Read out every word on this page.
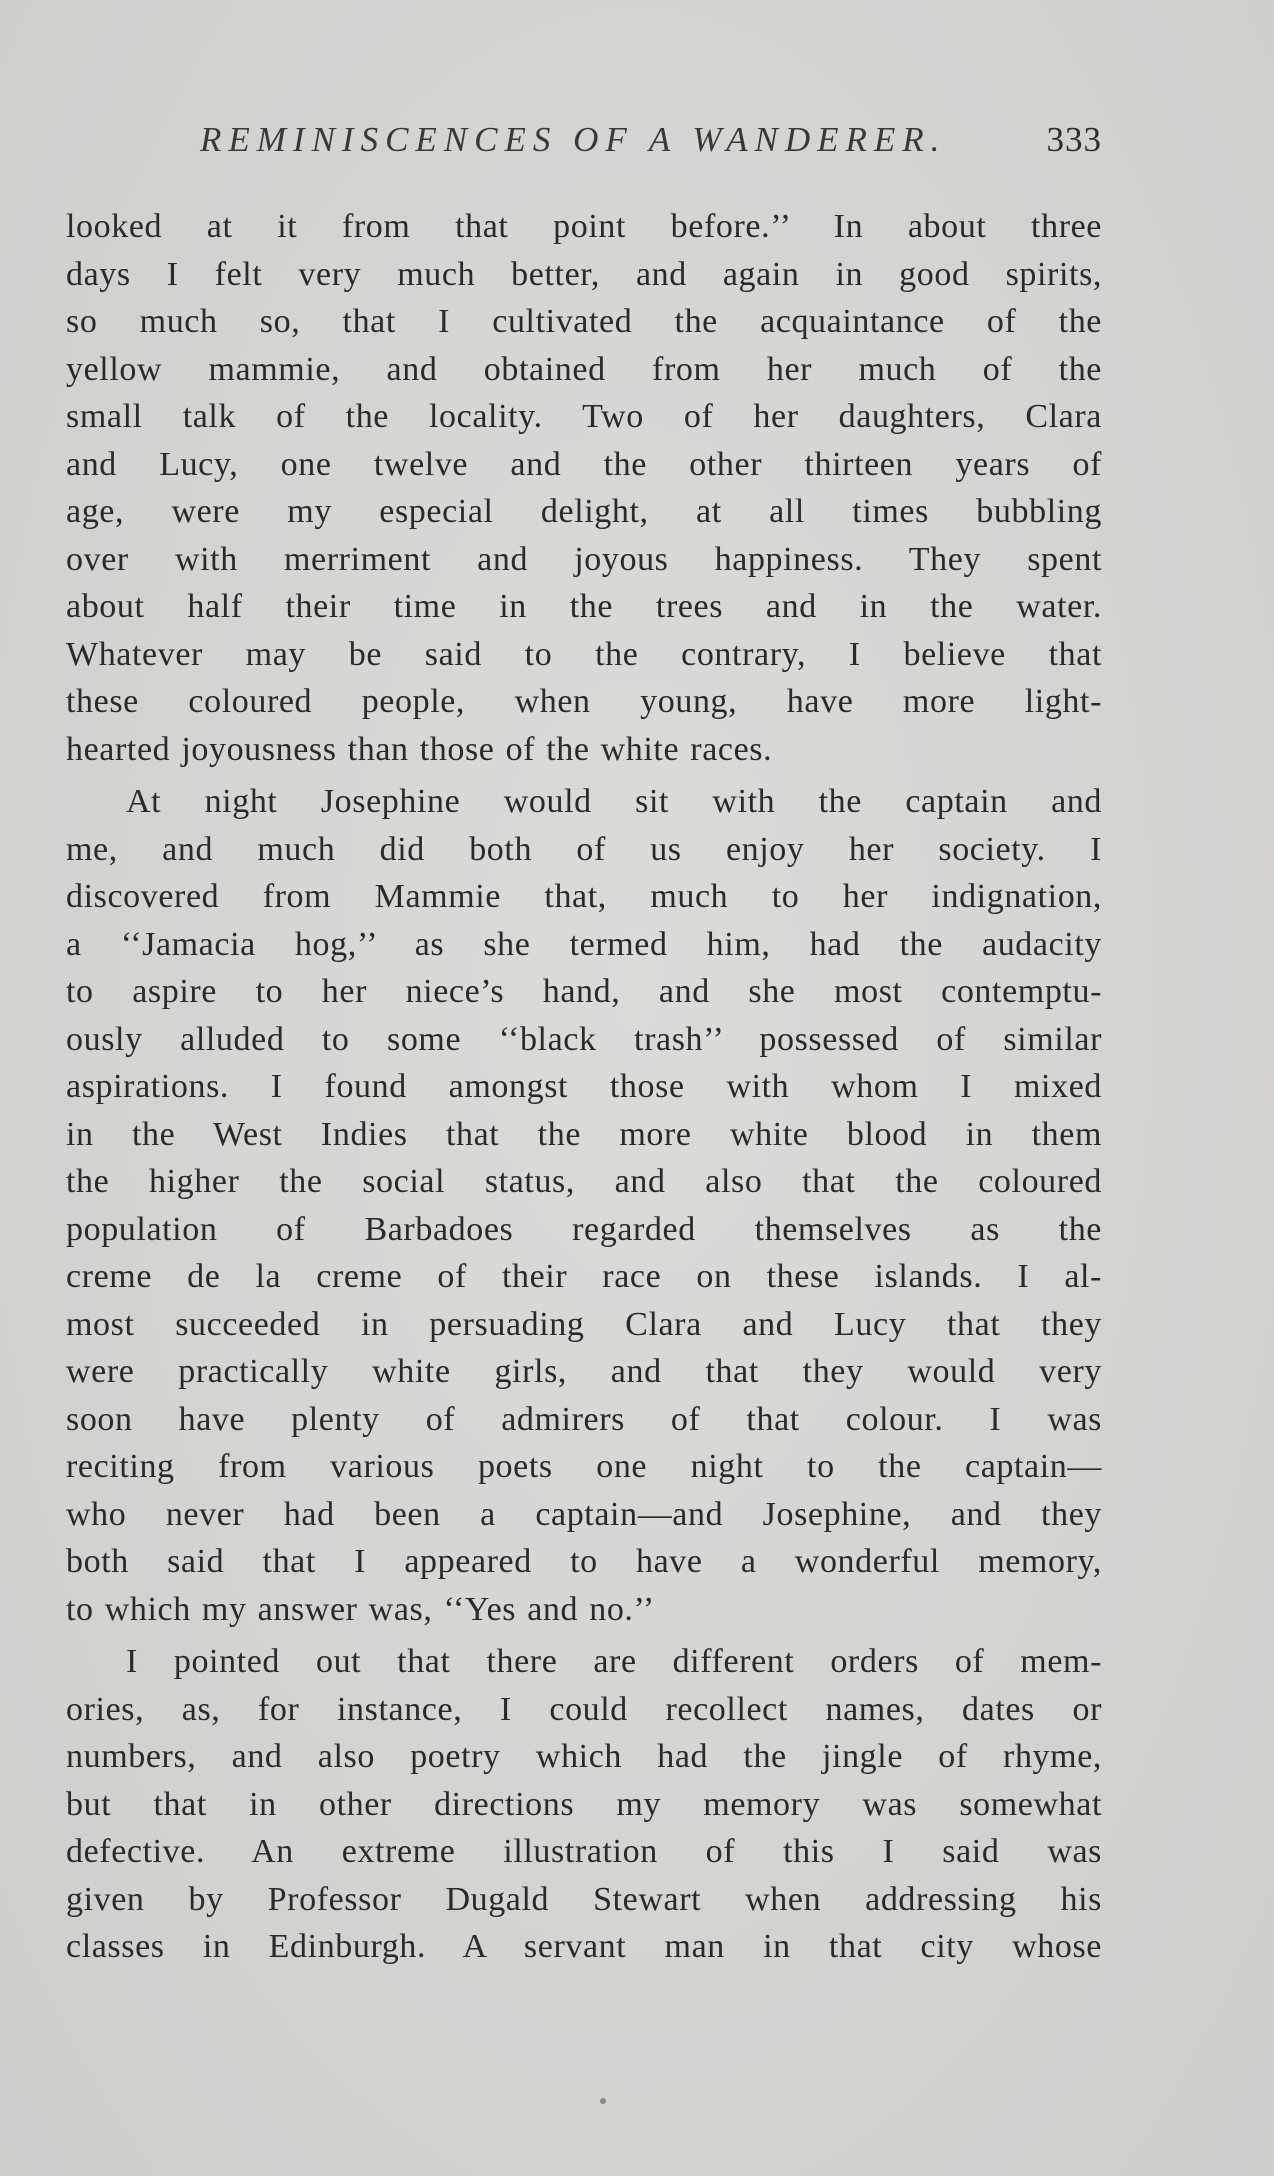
REMINISCENCES OF A WANDERER.	333
looked at it from that point before.’’ In about three
days I felt very much better, and again in good spirits,
so much so, that I cultivated the acquaintance of the
yellow mammie, and obtained from her much of the
small talk of the locality. Two of her daughters, Clara
and Lucy, one twelve and the other thirteen years of
age, were my especial delight, at all times bubbling
over with merriment and joyous happiness. They spent
about half their time in the trees and in the water.
Whatever may be said to the contrary, I believe that
these coloured people, when young, have more light-
hearted joyousness than those of the white races.
At night Josephine would sit with the captain and
me, and much did both of us enjoy her society. I
discovered from Mammie that, much to her indignation,
a ‘‘Jamacia hog,’’ as she termed him, had the audacity
to aspire to her niece’s hand, and she most contemptu-
ously alluded to some ‘‘black trash’’ possessed of similar
aspirations. I found amongst those with whom I mixed
in the West Indies that the more white blood in them
the higher the social status, and also that the coloured
population of Barbadoes regarded themselves as the
creme de la creme of their race on these islands. I al-
most succeeded in persuading Clara and Lucy that they
were practically white girls, and that they would very
soon have plenty of admirers of that colour. I was
reciting from various poets one night to the captain—
who never had been a captain—and Josephine, and they
both said that I appeared to have a wonderful memory,
to which my answer was, ‘‘Yes and no.’’
I pointed out that there are different orders of mem-
ories, as, for instance, I could recollect names, dates or
numbers, and also poetry which had the jingle of rhyme,
but that in other directions my memory was somewhat
defective. An extreme illustration of this I said was
given by Professor Dugald Stewart when addressing his
classes in Edinburgh. A servant man in that city whose
